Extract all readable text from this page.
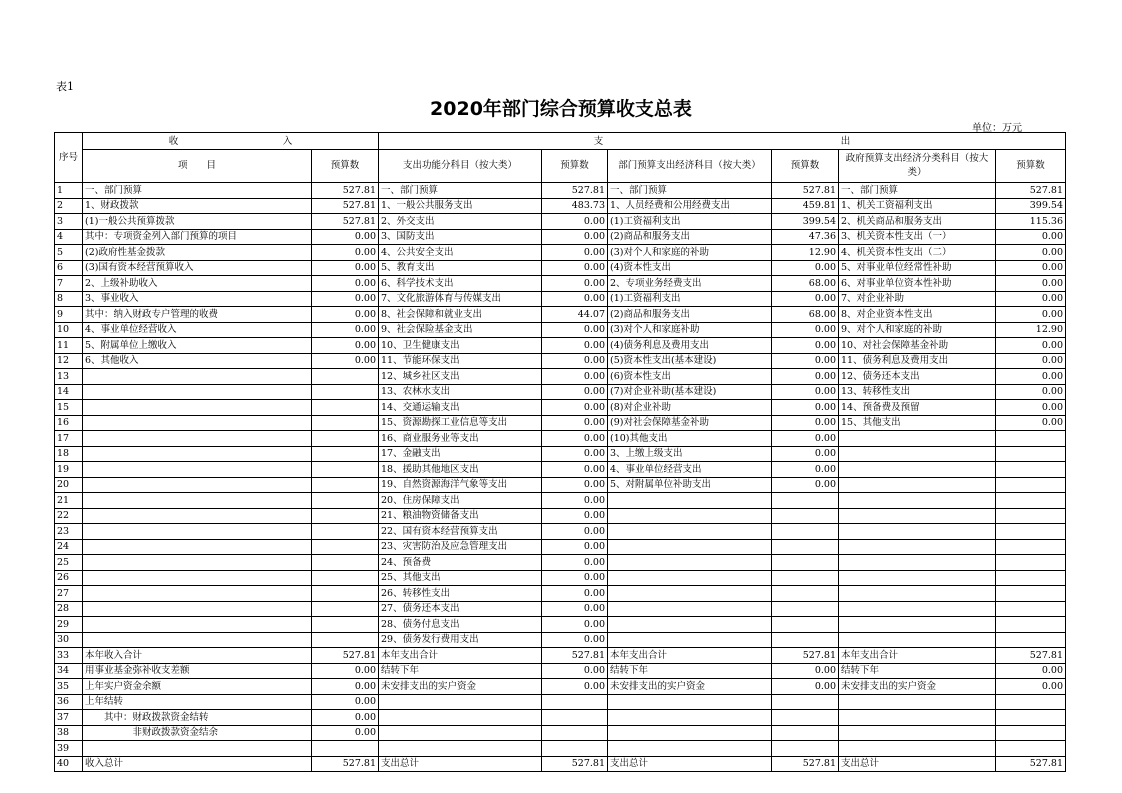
表1
2020年部门综合预算收支总表
单位：万元
序号	收　　　　　　　　　　　入		支　　　　　　　　　　　　　　　　　　　　　　　　　出					
	项　　目	预算数	支出功能分科目（按大类）	预算数	部门预算支出经济科目（按大类）	预算数	政府预算支出经济分类科目（按大类）	预算数
1	一、部门预算	527.81	一、部门预算	527.81	一、部门预算	527.81	一、部门预算	527.81
2	1、财政拨款	527.81	1、一般公共服务支出	483.73	1、人员经费和公用经费支出	459.81	1、机关工资福利支出	399.54
3	(1)一般公共预算拨款	527.81	2、外交支出	0.00	(1)工资福利支出	399.54	2、机关商品和服务支出	115.36
4	其中：专项资金列入部门预算的项目	0.00	3、国防支出	0.00	(2)商品和服务支出	47.36	3、机关资本性支出（一）	0.00
5	(2)政府性基金拨款	0.00	4、公共安全支出	0.00	(3)对个人和家庭的补助	12.90	4、机关资本性支出（二）	0.00
6	(3)国有资本经营预算收入	0.00	5、教育支出	0.00	(4)资本性支出	0.00	5、对事业单位经常性补助	0.00
7	2、上级补助收入	0.00	6、科学技术支出	0.00	2、专项业务经费支出	68.00	6、对事业单位资本性补助	0.00
8	3、事业收入	0.00	7、文化旅游体育与传媒支出	0.00	(1)工资福利支出	0.00	7、对企业补助	0.00
9	其中：纳入财政专户管理的收费	0.00	8、社会保障和就业支出	44.07	(2)商品和服务支出	68.00	8、对企业资本性支出	0.00
10	4、事业单位经营收入	0.00	9、社会保险基金支出	0.00	(3)对个人和家庭补助	0.00	9、对个人和家庭的补助	12.90
11	5、附属单位上缴收入	0.00	10、卫生健康支出	0.00	(4)债务利息及费用支出	0.00	10、对社会保障基金补助	0.00
12	6、其他收入	0.00	11、节能环保支出	0.00	(5)资本性支出(基本建设)	0.00	11、债务利息及费用支出	0.00
13			12、城乡社区支出	0.00	(6)资本性支出	0.00	12、债务还本支出	0.00
14			13、农林水支出	0.00	(7)对企业补助(基本建设)	0.00	13、转移性支出	0.00
15			14、交通运输支出	0.00	(8)对企业补助	0.00	14、预备费及预留	0.00
16			15、资源勘探工业信息等支出	0.00	(9)对社会保障基金补助	0.00	15、其他支出	0.00
17			16、商业服务业等支出	0.00	(10)其他支出	0.00		
18			17、金融支出	0.00	3、上缴上级支出	0.00		
19			18、援助其他地区支出	0.00	4、事业单位经营支出	0.00		
20			19、自然资源海洋气象等支出	0.00	5、对附属单位补助支出	0.00		
21			20、住房保障支出	0.00				
22			21、粮油物资储备支出	0.00				
23			22、国有资本经营预算支出	0.00				
24			23、灾害防治及应急管理支出	0.00				
25			24、预备费	0.00				
26			25、其他支出	0.00				
27			26、转移性支出	0.00				
28			27、债务还本支出	0.00				
29			28、债务付息支出	0.00				
30			29、债务发行费用支出	0.00				
33	本年收入合计	527.81	本年支出合计	527.81	本年支出合计	527.81	本年支出合计	527.81
34	用事业基金弥补收支差额	0.00	结转下年	0.00	结转下年	0.00	结转下年	0.00
35	上年实户资金余额	0.00	未安排支出的实户资金	0.00	未安排支出的实户资金	0.00	未安排支出的实户资金	0.00
36	上年结转	0.00						
37	　　其中：财政拨款资金结转	0.00						
38	　　　　　非财政拨款资金结余	0.00						
39								
40	收入总计	527.81	支出总计	527.81	支出总计	527.81	支出总计	527.81
